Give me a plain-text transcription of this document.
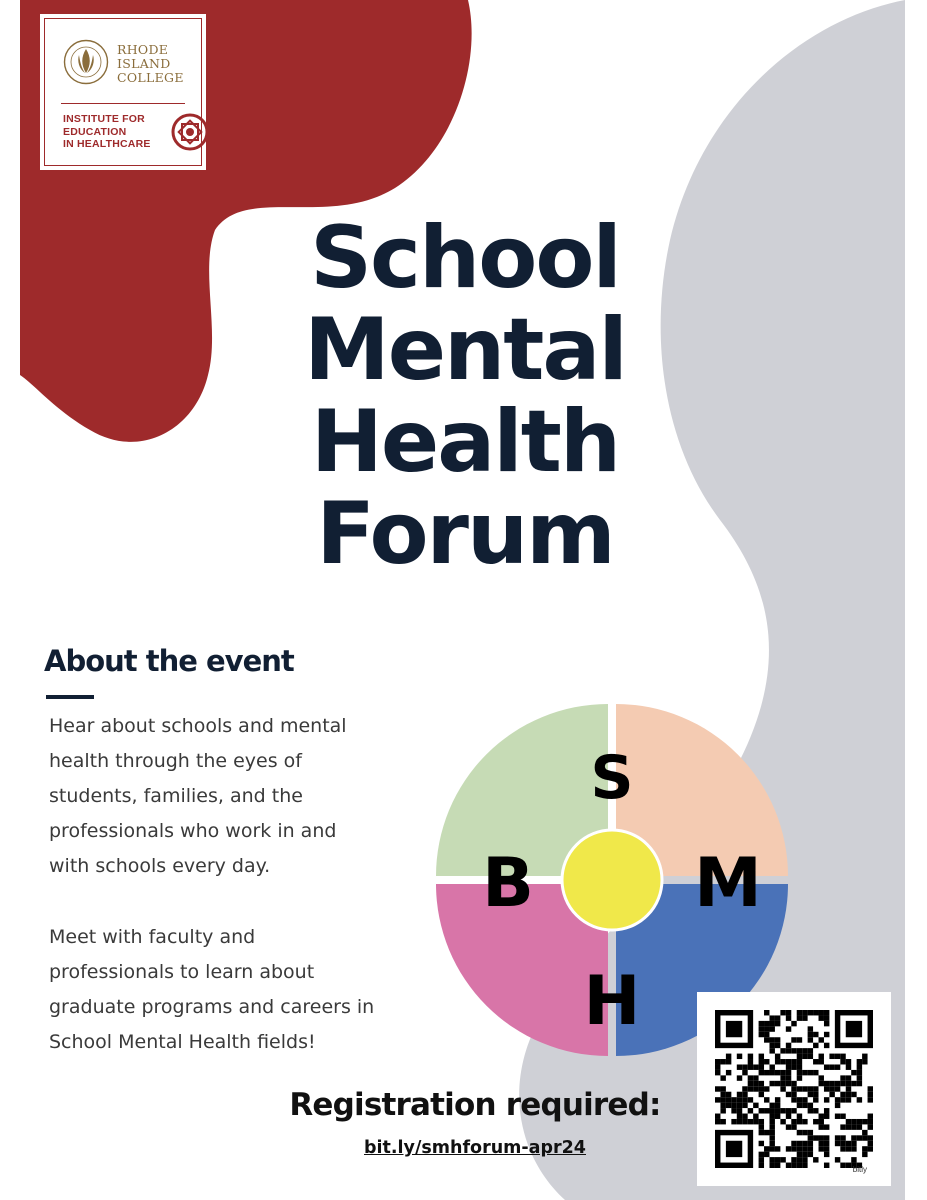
RHODE
ISLAND
COLLEGE
INSTITUTE FOR
EDUCATION
IN HEALTHCARE
School
Mental
Health
Forum
About the event

Hear about schools and mental health through the eyes of students, families, and the professionals who work in and with schools every day.

Meet with faculty and professionals to learn about graduate programs and careers in School Mental Health fields!

S
M
H
B
Registration required:
bit.ly/smhforum-apr24
bitly
